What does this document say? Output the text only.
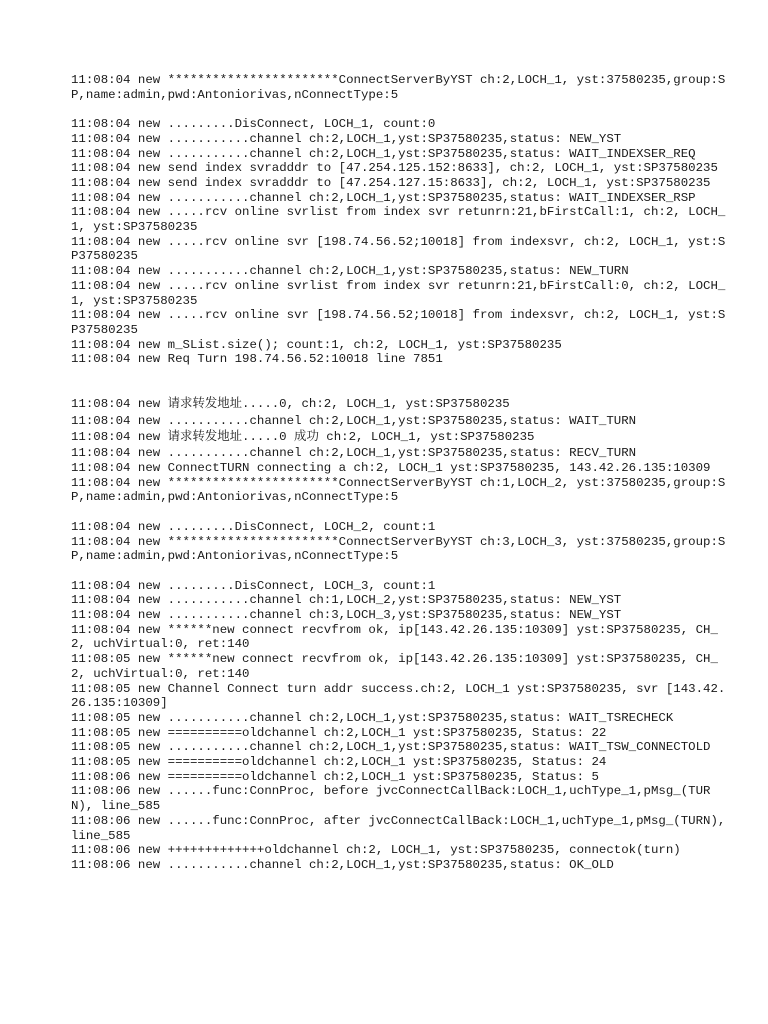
11:08:04 new ***********************ConnectServerByYST ch:2,LOCH_1, yst:37580235,group:SP,name:admin,pwd:Antoniorivas,nConnectType:5
11:08:04 new .........DisConnect, LOCH_1, count:0
11:08:04 new ...........channel ch:2,LOCH_1,yst:SP37580235,status: NEW_YST
11:08:04 new ...........channel ch:2,LOCH_1,yst:SP37580235,status: WAIT_INDEXSER_REQ
11:08:04 new send index svradddr to [47.254.125.152:8633], ch:2, LOCH_1, yst:SP37580235
11:08:04 new send index svradddr to [47.254.127.15:8633], ch:2, LOCH_1, yst:SP37580235
11:08:04 new ...........channel ch:2,LOCH_1,yst:SP37580235,status: WAIT_INDEXSER_RSP
11:08:04 new .....rcv online svrlist from index svr retunrn:21,bFirstCall:1, ch:2, LOCH_1, yst:SP37580235
11:08:04 new .....rcv online svr [198.74.56.52;10018] from indexsvr, ch:2, LOCH_1, yst:SP37580235
11:08:04 new ...........channel ch:2,LOCH_1,yst:SP37580235,status: NEW_TURN
11:08:04 new .....rcv online svrlist from index svr retunrn:21,bFirstCall:0, ch:2, LOCH_1, yst:SP37580235
11:08:04 new .....rcv online svr [198.74.56.52;10018] from indexsvr, ch:2, LOCH_1, yst:SP37580235
11:08:04 new m_SList.size(); count:1, ch:2, LOCH_1, yst:SP37580235
11:08:04 new Req Turn 198.74.56.52:10018 line 7851
11:08:04 new 请求转发地址.....0, ch:2, LOCH_1, yst:SP37580235
11:08:04 new ...........channel ch:2,LOCH_1,yst:SP37580235,status: WAIT_TURN
11:08:04 new 请求转发地址.....0 成功 ch:2, LOCH_1, yst:SP37580235
11:08:04 new ...........channel ch:2,LOCH_1,yst:SP37580235,status: RECV_TURN
11:08:04 new ConnectTURN connecting a ch:2, LOCH_1 yst:SP37580235, 143.42.26.135:10309
11:08:04 new ***********************ConnectServerByYST ch:1,LOCH_2, yst:37580235,group:SP,name:admin,pwd:Antoniorivas,nConnectType:5
11:08:04 new .........DisConnect, LOCH_2, count:1
11:08:04 new ***********************ConnectServerByYST ch:3,LOCH_3, yst:37580235,group:SP,name:admin,pwd:Antoniorivas,nConnectType:5
11:08:04 new .........DisConnect, LOCH_3, count:1
11:08:04 new ...........channel ch:1,LOCH_2,yst:SP37580235,status: NEW_YST
11:08:04 new ...........channel ch:3,LOCH_3,yst:SP37580235,status: NEW_YST
11:08:04 new ******new connect recvfrom ok, ip[143.42.26.135:10309] yst:SP37580235, CH_2, uchVirtual:0, ret:140
11:08:05 new ******new connect recvfrom ok, ip[143.42.26.135:10309] yst:SP37580235, CH_2, uchVirtual:0, ret:140
11:08:05 new Channel Connect turn addr success.ch:2, LOCH_1 yst:SP37580235, svr [143.42.26.135:10309]
11:08:05 new ...........channel ch:2,LOCH_1,yst:SP37580235,status: WAIT_TSRECHECK
11:08:05 new ==========oldchannel ch:2,LOCH_1 yst:SP37580235, Status: 22
11:08:05 new ...........channel ch:2,LOCH_1,yst:SP37580235,status: WAIT_TSW_CONNECTOLD
11:08:05 new ==========oldchannel ch:2,LOCH_1 yst:SP37580235, Status: 24
11:08:06 new ==========oldchannel ch:2,LOCH_1 yst:SP37580235, Status: 5
11:08:06 new ......func:ConnProc, before jvcConnectCallBack:LOCH_1,uchType_1,pMsg_(TURN), line_585
11:08:06 new ......func:ConnProc, after jvcConnectCallBack:LOCH_1,uchType_1,pMsg_(TURN), line_585
11:08:06 new +++++++++++++oldchannel ch:2, LOCH_1, yst:SP37580235, connectok(turn)
11:08:06 new ...........channel ch:2,LOCH_1,yst:SP37580235,status: OK_OLD
